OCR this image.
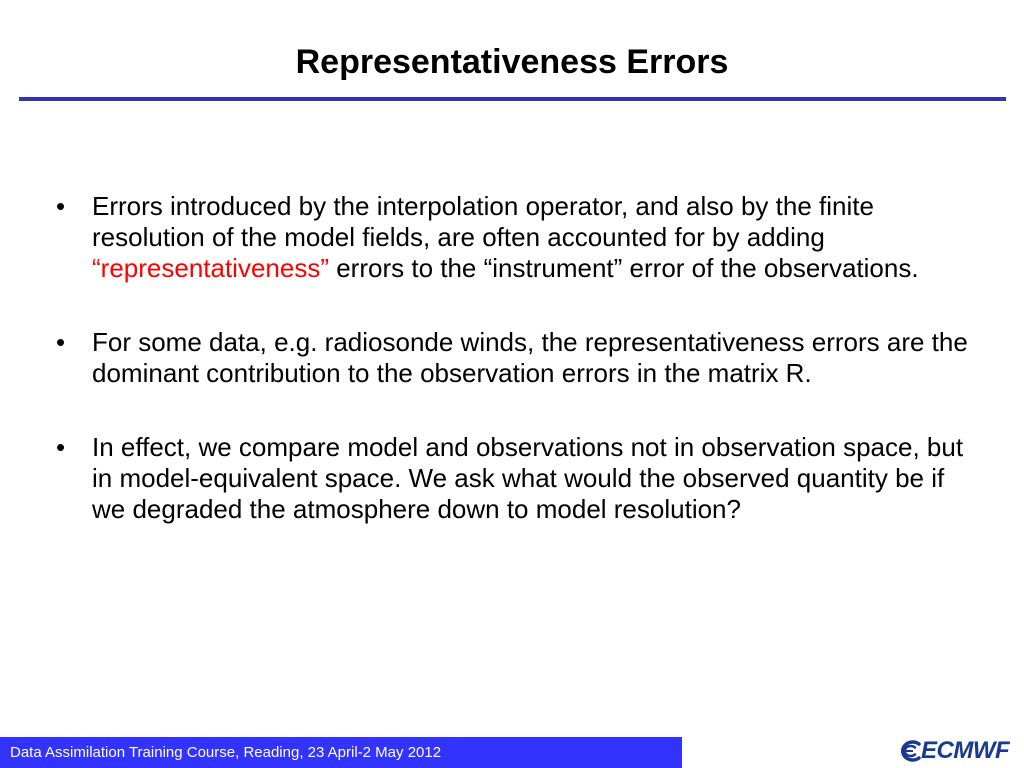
Representativeness Errors
• Errors introduced by the interpolation operator, and also by the finite resolution of the model fields, are often accounted for by adding “representativeness” errors to the “instrument” error of the observations.
• For some data, e.g. radiosonde winds, the representativeness errors are the dominant contribution to the observation errors in the matrix R.
• In effect, we compare model and observations not in observation space, but in model-equivalent space. We ask what would the observed quantity be if we degraded the atmosphere down to model resolution?
Data Assimilation Training Course, Reading, 23 April-2 May 2012	ECMWF
